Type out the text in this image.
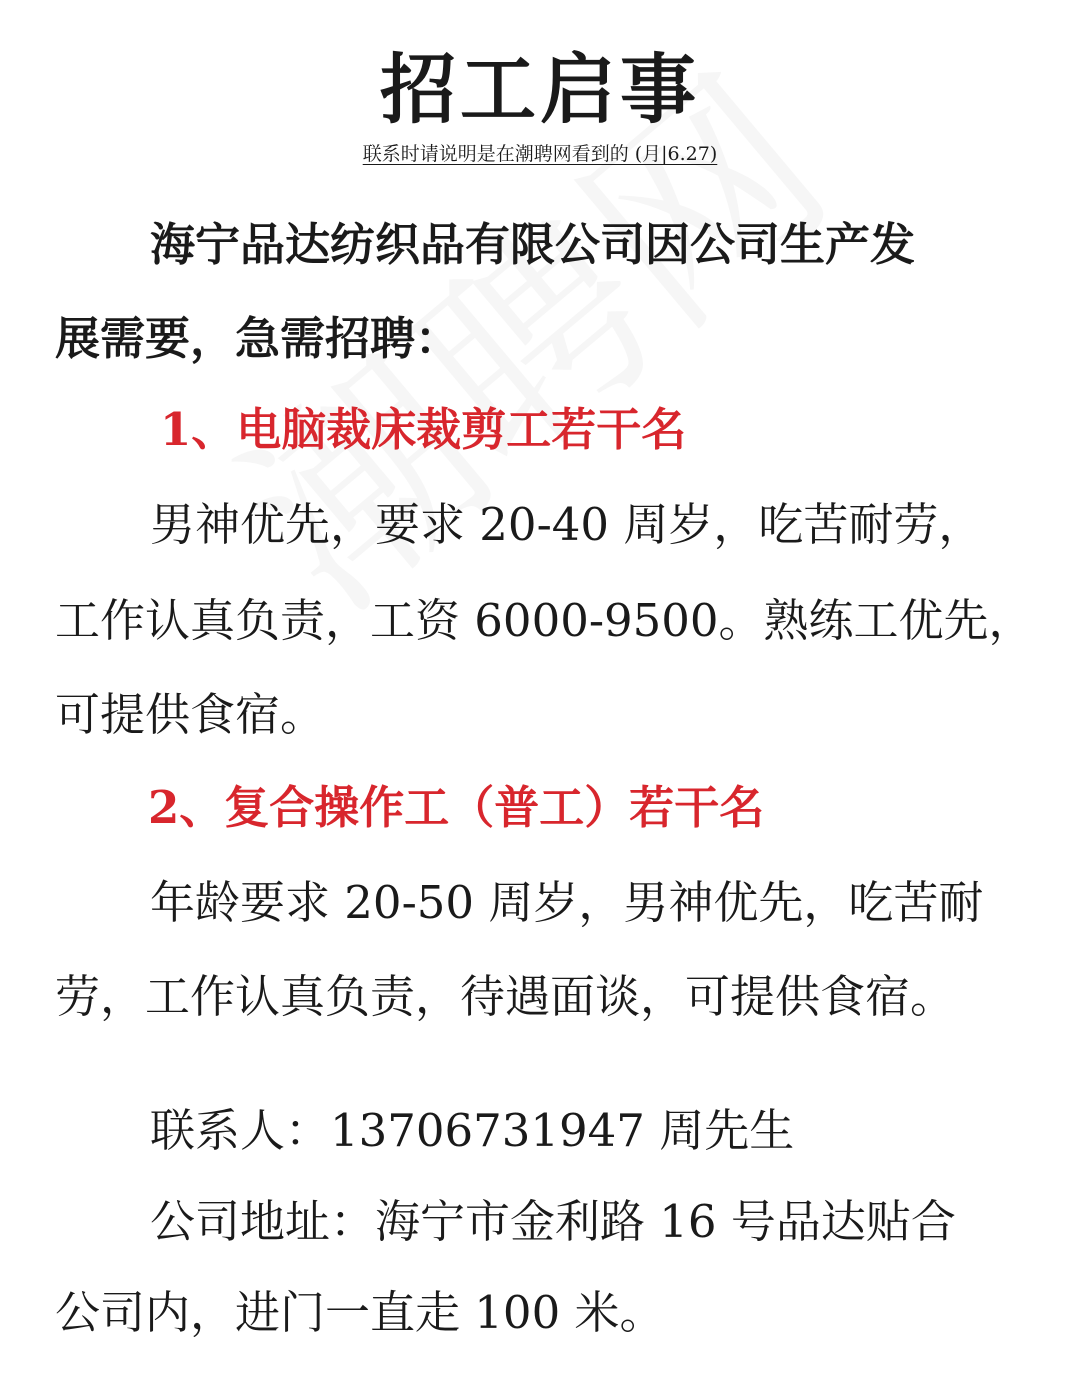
招工启事
联系时请说明是在潮聘网看到的 (月|6.27)
海宁品达纺织品有限公司因公司生产发
展需要，急需招聘：
1、电脑裁床裁剪工若干名
男神优先，要求 20-40 周岁，吃苦耐劳，
工作认真负责，工资 6000-9500。熟练工优先，
可提供食宿。
2、复合操作工（普工）若干名
年龄要求 20-50 周岁，男神优先，吃苦耐
劳，工作认真负责，待遇面谈，可提供食宿。
联系人：13706731947 周先生
公司地址：海宁市金利路 16 号品达贴合
公司内，进门一直走 100 米。
